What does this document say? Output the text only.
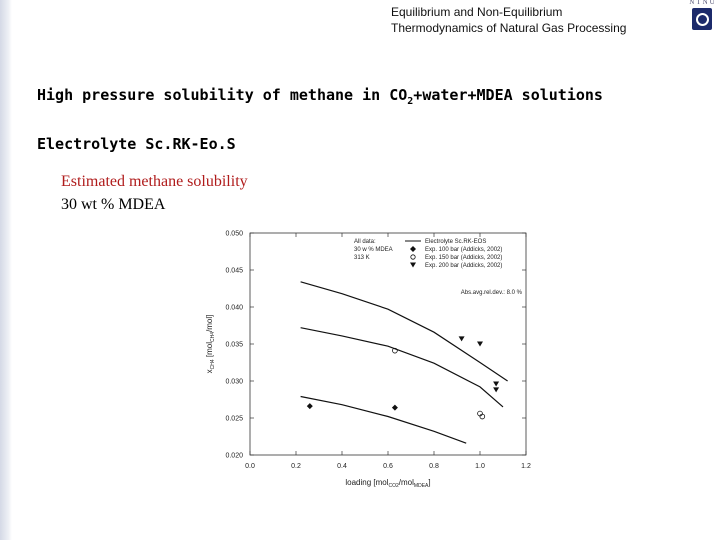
Equilibrium and Non-Equilibrium
Thermodynamics of Natural Gas Processing
NTNU
High pressure solubility of methane in $CO_2+water+MDEA$ solutions
Electrolyte Sc.RK-Eo.S
Estimated methane solubility
30 wt % MDEA
0.0	0.2	0.4	0.6	0.8	1.0	1.2
0.020
0.025
0.030
0.035
0.040
0.045
0.050
loading [mol$_{CO2}$/mol$_{MDEA}$]
$x_{CH4}$ [mol$_{CH4}$/mol]
All data:
30 w % MDEA
313 K
Electrolyte Sc.RK-EOS
Exp. 100 bar (Addicks, 2002)
Exp. 150 bar (Addicks, 2002)
Exp. 200 bar (Addicks, 2002)
Abs.avg.rel.dev.: 8.0 %
